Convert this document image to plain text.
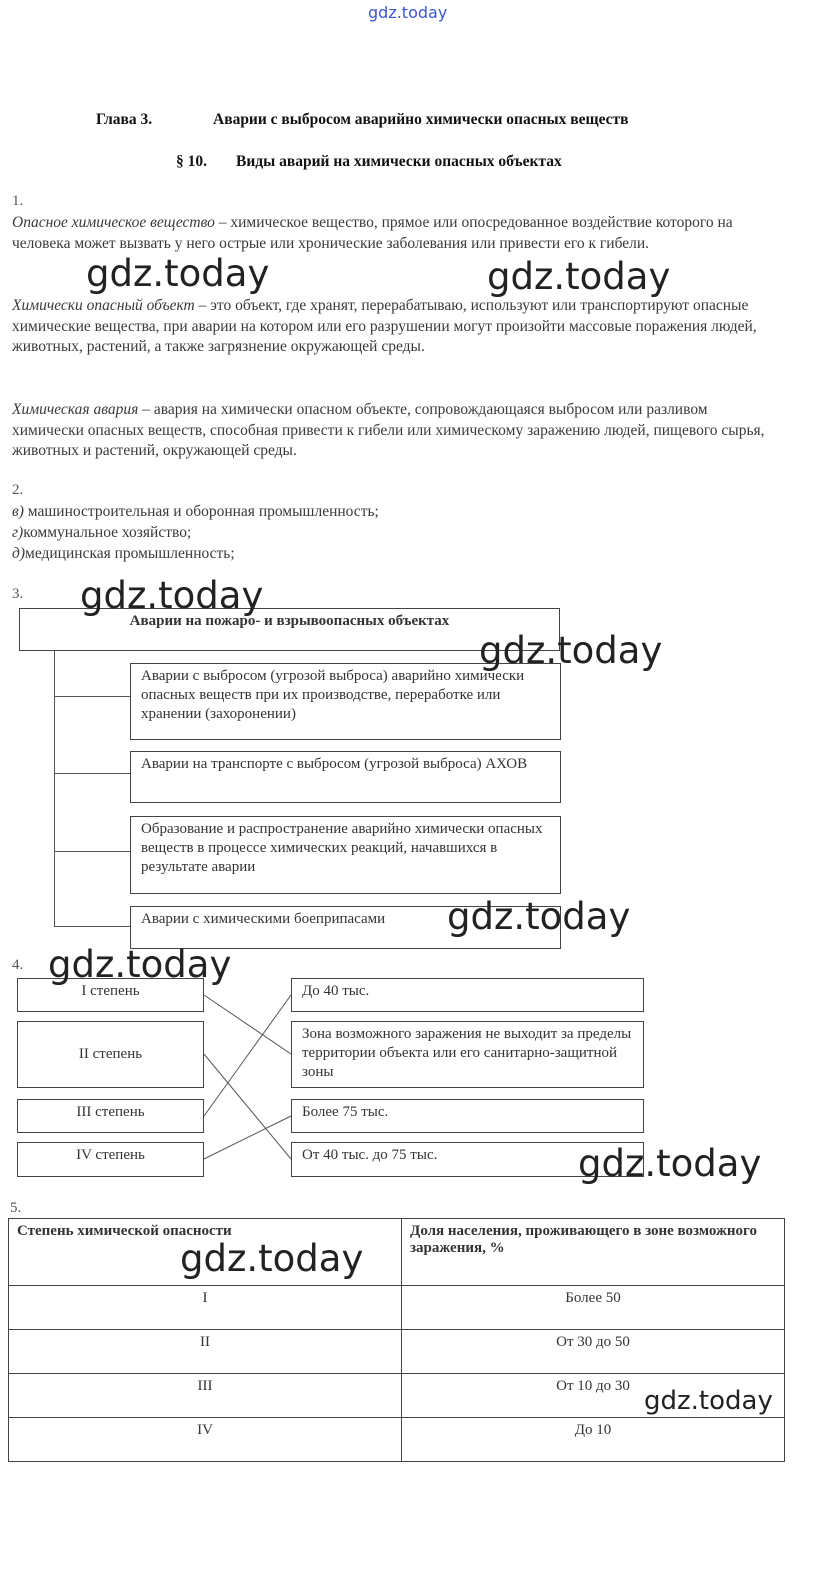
gdz.today
Глава 3.	Аварии с выбросом аварийно химически опасных веществ
§ 10. Виды аварий на химически опасных объектах
1.
Опасное химическое вещество – химическое вещество, прямое или опосредованное воздействие которого на человека может вызвать у него острые или хронические заболевания или привести его к гибели.
Химически опасный объект – это объект, где хранят, перерабатываю, используют или транспортируют опасные химические вещества, при аварии на котором или его разрушении могут произойти массовые поражения людей, животных, растений, а также загрязнение окружающей среды.
Химическая авария – авария на химически опасном объекте, сопровождающаяся выбросом или разливом химически опасных веществ, способная привести к гибели или химическому заражению людей, пищевого сырья, животных и растений, окружающей среды.
2.
в) машиностроительная и оборонная промышленность;
г)коммунальное хозяйство;
д)медицинская промышленность;
3.
Аварии на пожаро- и взрывоопасных объектах
Аварии с выбросом (угрозой выброса) аварийно химически опасных веществ при их производстве, переработке или хранении (захоронении)
Аварии на транспорте с выбросом (угрозой выброса) АХОВ
Образование и распространение аварийно химически опасных веществ в процессе химических реакций, начавшихся в результате аварии
Аварии с химическими боеприпасами
4.
I степень
II степень
III степень
IV степень
До 40 тыс.
Зона возможного заражения не выходит за пределы территории объекта или его санитарно-защитной зоны
Более 75 тыс.
От 40 тыс. до 75 тыс.
5.
Степень химической опасности	Доля населения, проживающего в зоне возможного заражения, %
I	Более 50
II	От 30 до 50
III	От 10 до 30
IV	До 10
gdz.today	gdz.today
gdz.today
gdz.today
gdz.today
gdz.today
gdz.today
gdz.today
gdz.today
